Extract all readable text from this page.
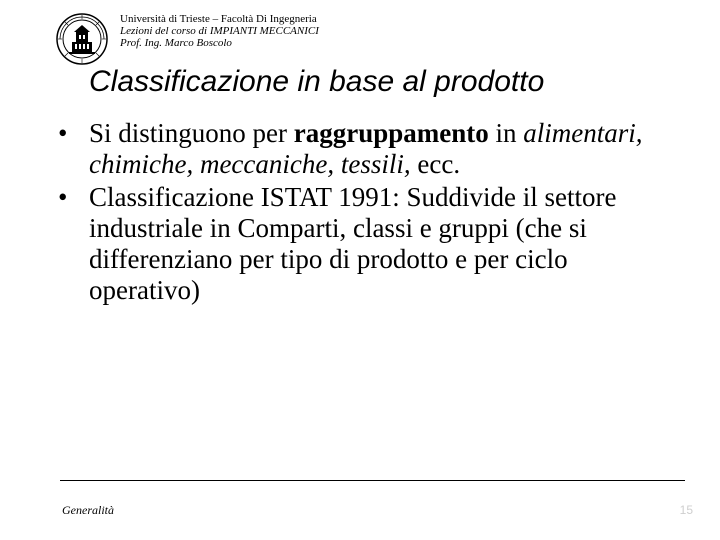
Università di Trieste – Facoltà Di Ingegneria
Lezioni del corso di IMPIANTI MECCANICI
Prof. Ing. Marco Boscolo
Classificazione in base al prodotto
• Si distinguono per raggruppamento in alimentari, chimiche, meccaniche, tessili, ecc.
• Classificazione ISTAT 1991: Suddivide il settore industriale in Comparti, classi e gruppi (che si differenziano per tipo di prodotto e per ciclo operativo)
Generalità	15
